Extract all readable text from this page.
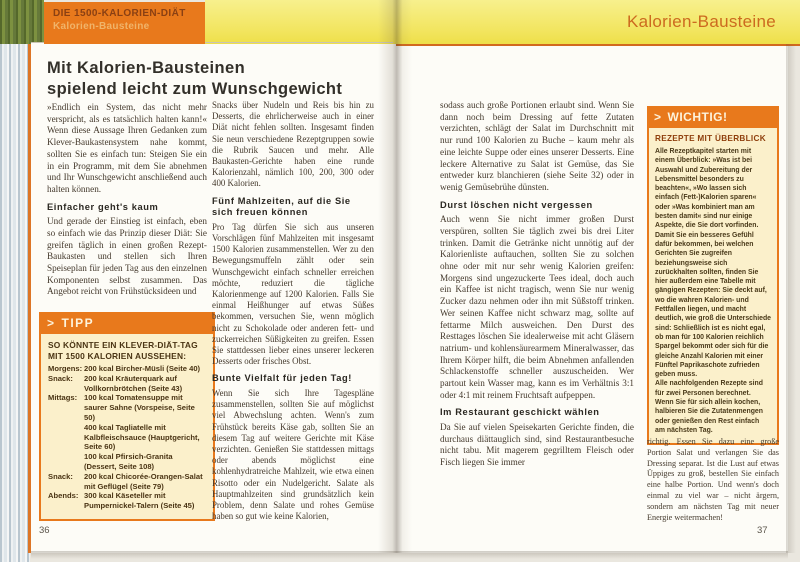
DIE 1500-KALORIEN-DIÄT
Kalorien-Bausteine	Kalorien-Bausteine
Mit Kalorien-Bausteinen
spielend leicht zum Wunschgewicht

»Endlich ein System, das nicht mehr verspricht, als es tatsächlich halten kann!« Wenn diese Aussage Ihren Gedanken zum Klever-Baukastensystem nahe kommt, sollten Sie es einfach tun: Steigen Sie ein in ein Programm, mit dem Sie abnehmen und Ihr Wunschgewicht anschließend auch halten können.

Einfacher geht's kaum

Und gerade der Einstieg ist einfach, eben so einfach wie das Prinzip dieser Diät: Sie greifen täglich in einen großen Rezept-Baukasten und stellen sich Ihren Speiseplan für jeden Tag aus den einzelnen Komponenten selbst zusammen. Das Angebot reicht von Frühstücksideen und

> TIPP
SO KÖNNTE EIN KLEVER-DIÄT-TAG MIT 1500 KALORIEN AUSSEHEN:
Morgens: 200 kcal Bircher-Müsli (Seite 40)
Snack:	200 kcal Kräuterquark auf Vollkornbrötchen (Seite 43)
Mittags: 100 kcal Tomatensuppe mit saurer Sahne (Vorspeise, Seite 50)
400 kcal Tagliatelle mit Kalbfleischsauce (Hauptgericht, Seite 60)
100 kcal Pfirsich-Granita (Dessert, Seite 108)
Snack:	200 kcal Chicorée-Orangen-Salat mit Geflügel (Seite 79)
Abends: 300 kcal Käseteller mit Pumpernickel-Talern (Seite 45)

Snacks über Nudeln und Reis bis hin zu Desserts, die ehrlicherweise auch in einer Diät nicht fehlen sollten. Insgesamt finden Sie neun verschiedene Rezeptgruppen sowie die Rubrik Saucen und mehr. Alle Baukasten-Gerichte haben eine runde Kalorienzahl, nämlich 100, 200, 300 oder 400 Kalorien.

Fünf Mahlzeiten, auf die Sie sich freuen können

Pro Tag dürfen Sie sich aus unseren Vorschlägen fünf Mahlzeiten mit insgesamt 1500 Kalorien zusammenstellen. Wer zu den Bewegungsmuffeln zählt oder sein Wunschgewicht einfach schneller erreichen möchte, reduziert die tägliche Kalorienmenge auf 1200 Kalorien. Falls Sie einmal Heißhunger auf etwas Süßes bekommen, versuchen Sie, wenn möglich nicht zu Schokolade oder anderen fett- und zuckerreichen Süßigkeiten zu greifen. Essen Sie stattdessen lieber eines unserer leckeren Desserts oder frisches Obst.

Bunte Vielfalt für jeden Tag!

Wenn Sie sich Ihre Tagespläne zusammenstellen, sollten Sie auf möglichst viel Abwechslung achten. Wenn's zum Frühstück bereits Käse gab, sollten Sie an diesem Tag auf weitere Gerichte mit Käse verzichten. Genießen Sie stattdessen mittags oder abends möglichst eine kohlenhydratreiche Mahlzeit, wie etwa einen Risotto oder ein Nudelgericht. Salate als Hauptmahlzeiten sind grundsätzlich kein Problem, denn Salate und rohes Gemüse haben so gut wie keine Kalorien,

36

sodass auch große Portionen erlaubt sind. Wenn Sie dann noch beim Dressing auf fette Zutaten verzichten, schlägt der Salat im Durchschnitt mit nur rund 100 Kalorien zu Buche – kaum mehr als eine leichte Suppe oder eines unserer Desserts. Eine leckere Alternative zu Salat ist Gemüse, das Sie entweder kurz blanchieren (siehe Seite 32) oder in wenig Gemüsebrühe dünsten.

Durst löschen nicht vergessen

Auch wenn Sie nicht immer großen Durst verspüren, sollten Sie täglich zwei bis drei Liter trinken. Damit die Getränke nicht unnötig auf der Kalorienliste auftauchen, sollten Sie zu solchen ohne oder mit nur sehr wenig Kalorien greifen: Morgens sind ungezuckerte Tees ideal, doch auch ein Kaffee ist nicht tragisch, wenn Sie nur wenig Zucker dazu nehmen oder ihn mit Süßstoff trinken. Wer seinen Kaffee nicht schwarz mag, sollte auf fettarme Milch ausweichen. Den Durst des Resttages löschen Sie idealerweise mit acht Gläsern natrium- und kohlensäurearmem Mineralwasser, das Ihrem Körper hilft, die beim Abnehmen anfallenden Schlackenstoffe schneller auszuscheiden. Wer partout kein Wasser mag, kann es im Verhältnis 3:1 oder 4:1 mit reinem Fruchtsaft aufpeppen.

Im Restaurant geschickt wählen

Da Sie auf vielen Speisekarten Gerichte finden, die durchaus diättauglich sind, sind Restaurantbesuche nicht tabu. Mit magerem gegrilltem Fleisch oder Fisch liegen Sie immer

> WICHTIG!
REZEPTE MIT ÜBERBLICK

Alle Rezeptkapitel starten mit einem Überblick: »Was ist bei Auswahl und Zubereitung der Lebensmittel besonders zu beachten«, »Wo lassen sich einfach (Fett-)Kalorien sparen« oder »Was kombiniert man am besten damit« sind nur einige Aspekte, die Sie dort vorfinden. Damit Sie ein besseres Gefühl dafür bekommen, bei welchen Gerichten Sie zugreifen beziehungsweise sich zurückhalten sollten, finden Sie hier außerdem eine Tabelle mit gängigen Rezepten: Sie deckt auf, wo die wahren Kalorien- und Fettfallen liegen, und macht deutlich, wie groß die Unterschiede sind: Schließlich ist es nicht egal, ob man für 100 Kalorien reichlich Spargel bekommt oder sich für die gleiche Anzahl Kalorien mit einer Fünftel Paprikaschote zufrieden geben muss.

Alle nachfolgenden Rezepte sind für zwei Personen berechnet. Wenn Sie für sich allein kochen, halbieren Sie die Zutatenmengen oder genießen den Rest einfach am nächsten Tag.

richtig. Essen Sie dazu eine große Portion Salat und verlangen Sie das Dressing separat. Ist die Lust auf etwas Üppiges zu groß, bestellen Sie einfach eine halbe Portion. Und wenn's doch einmal zu viel war – nicht ärgern, sondern am nächsten Tag mit neuer Energie weitermachen!

37
